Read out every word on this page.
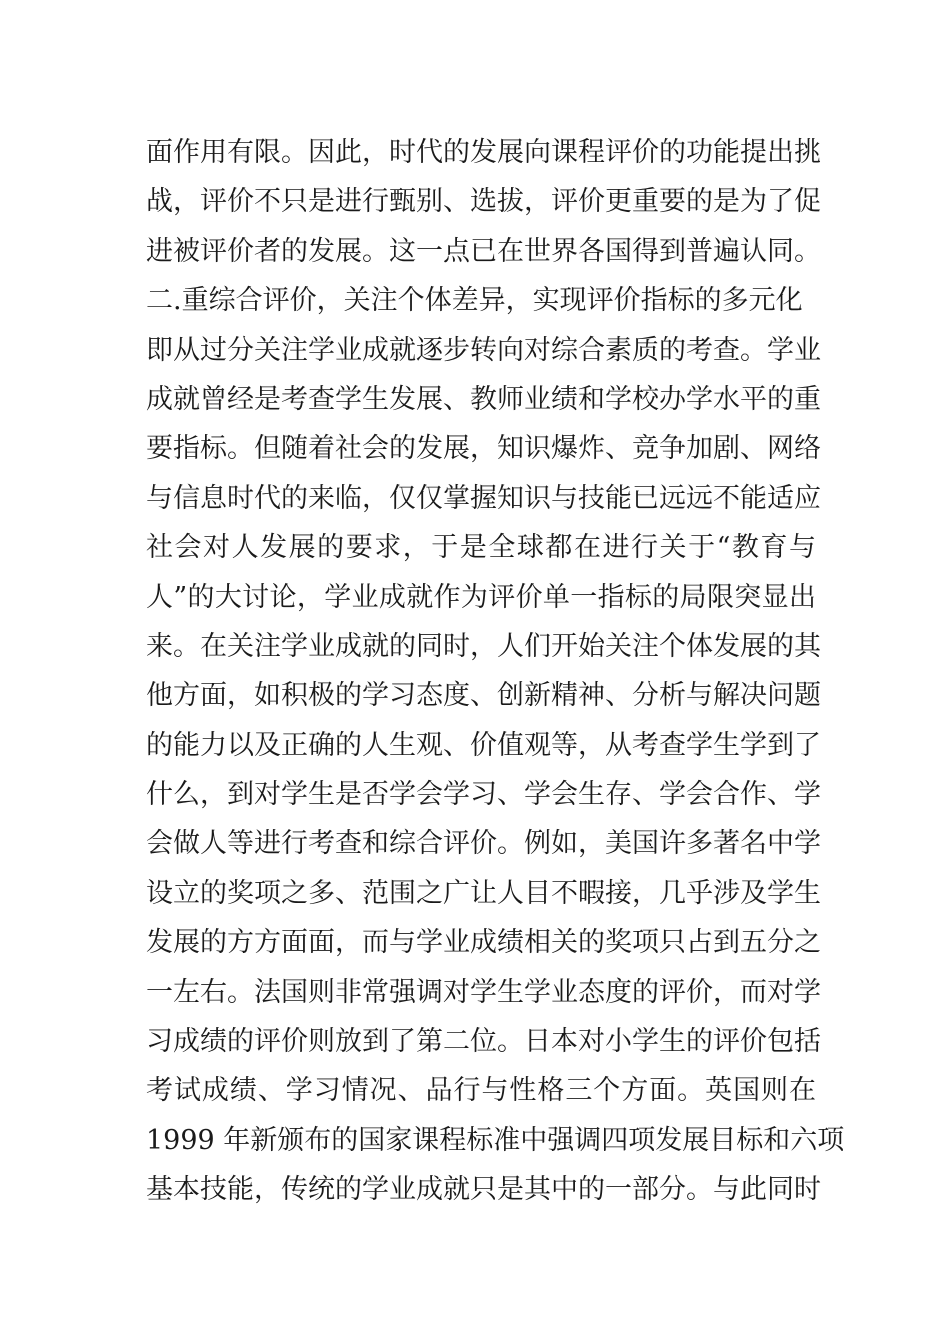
面作用有限。因此，时代的发展向课程评价的功能提出挑
战，评价不只是进行甄别、选拔，评价更重要的是为了促
进被评价者的发展。这一点已在世界各国得到普遍认同。
二.重综合评价，关注个体差异，实现评价指标的多元化
即从过分关注学业成就逐步转向对综合素质的考查。学业
成就曾经是考查学生发展、教师业绩和学校办学水平的重
要指标。但随着社会的发展，知识爆炸、竞争加剧、网络
与信息时代的来临，仅仅掌握知识与技能已远远不能适应
社会对人发展的要求，于是全球都在进行关于“教育与
人”的大讨论，学业成就作为评价单一指标的局限突显出
来。在关注学业成就的同时，人们开始关注个体发展的其
他方面，如积极的学习态度、创新精神、分析与解决问题
的能力以及正确的人生观、价值观等，从考查学生学到了
什么，到对学生是否学会学习、学会生存、学会合作、学
会做人等进行考查和综合评价。例如，美国许多著名中学
设立的奖项之多、范围之广让人目不暇接，几乎涉及学生
发展的方方面面，而与学业成绩相关的奖项只占到五分之
一左右。法国则非常强调对学生学业态度的评价，而对学
习成绩的评价则放到了第二位。日本对小学生的评价包括
考试成绩、学习情况、品行与性格三个方面。英国则在
1999 年新颁布的国家课程标准中强调四项发展目标和六项
基本技能，传统的学业成就只是其中的一部分。与此同时
